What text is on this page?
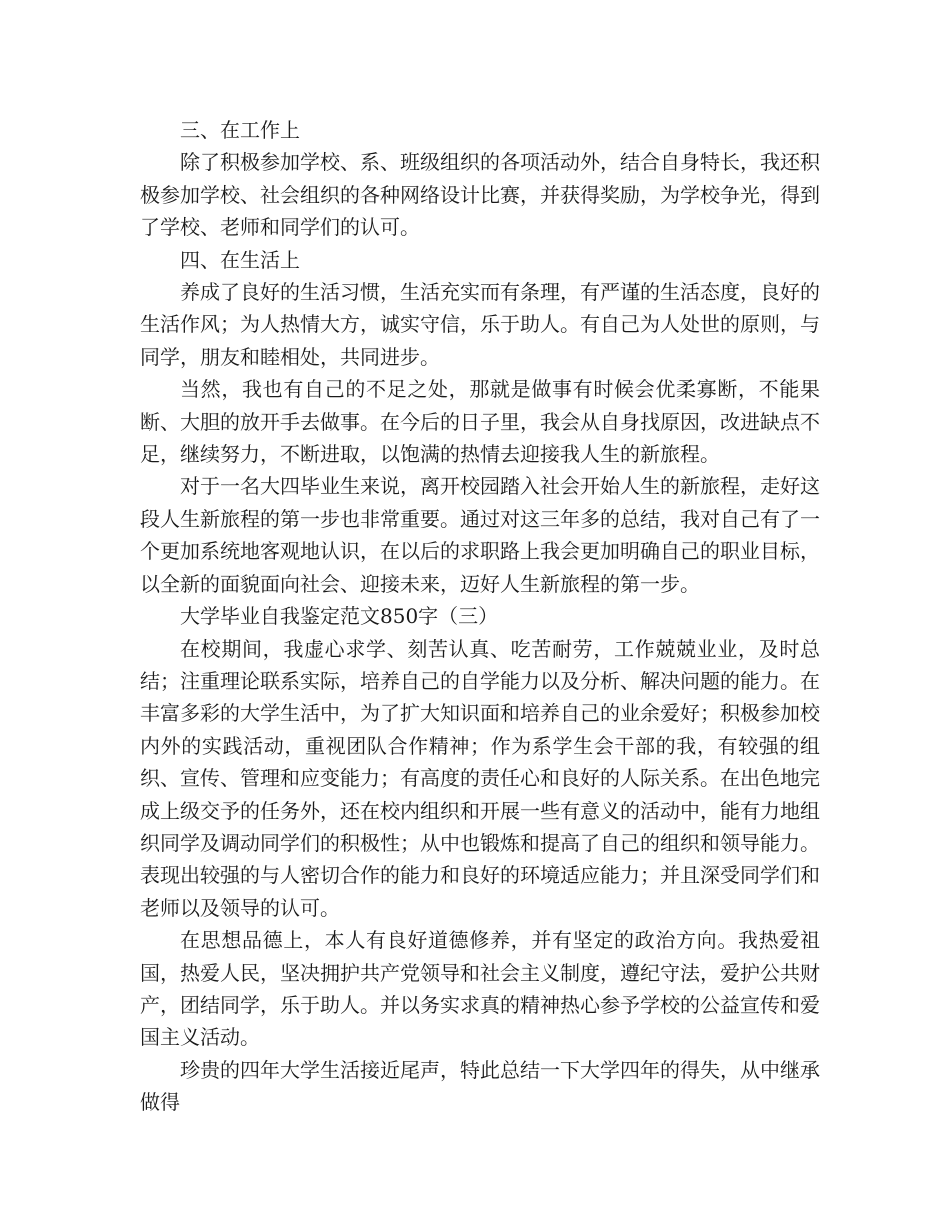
三、在工作上

除了积极参加学校、系、班级组织的各项活动外，结合自身特长，我还积极参加学校、社会组织的各种网络设计比赛，并获得奖励，为学校争光，得到了学校、老师和同学们的认可。

四、在生活上

养成了良好的生活习惯，生活充实而有条理，有严谨的生活态度，良好的生活作风；为人热情大方，诚实守信，乐于助人。有自己为人处世的原则，与同学，朋友和睦相处，共同进步。

当然，我也有自己的不足之处，那就是做事有时候会优柔寡断，不能果断、大胆的放开手去做事。在今后的日子里，我会从自身找原因，改进缺点不足，继续努力，不断进取，以饱满的热情去迎接我人生的新旅程。

对于一名大四毕业生来说，离开校园踏入社会开始人生的新旅程，走好这段人生新旅程的第一步也非常重要。通过对这三年多的总结，我对自己有了一个更加系统地客观地认识，在以后的求职路上我会更加明确自己的职业目标，以全新的面貌面向社会、迎接未来，迈好人生新旅程的第一步。

大学毕业自我鉴定范文850字（三）

在校期间，我虚心求学、刻苦认真、吃苦耐劳，工作兢兢业业，及时总结；注重理论联系实际，培养自己的自学能力以及分析、解决问题的能力。在丰富多彩的大学生活中，为了扩大知识面和培养自己的业余爱好；积极参加校内外的实践活动，重视团队合作精神；作为系学生会干部的我，有较强的组织、宣传、管理和应变能力；有高度的责任心和良好的人际关系。在出色地完成上级交予的任务外，还在校内组织和开展一些有意义的活动中，能有力地组织同学及调动同学们的积极性；从中也锻炼和提高了自己的组织和领导能力。表现出较强的与人密切合作的能力和良好的环境适应能力；并且深受同学们和老师以及领导的认可。

在思想品德上，本人有良好道德修养，并有坚定的政治方向。我热爱祖国，热爱人民，坚决拥护共产党领导和社会主义制度，遵纪守法，爱护公共财产，团结同学，乐于助人。并以务实求真的精神热心参予学校的公益宣传和爱国主义活动。

珍贵的四年大学生活接近尾声，特此总结一下大学四年的得失，从中继承做得
